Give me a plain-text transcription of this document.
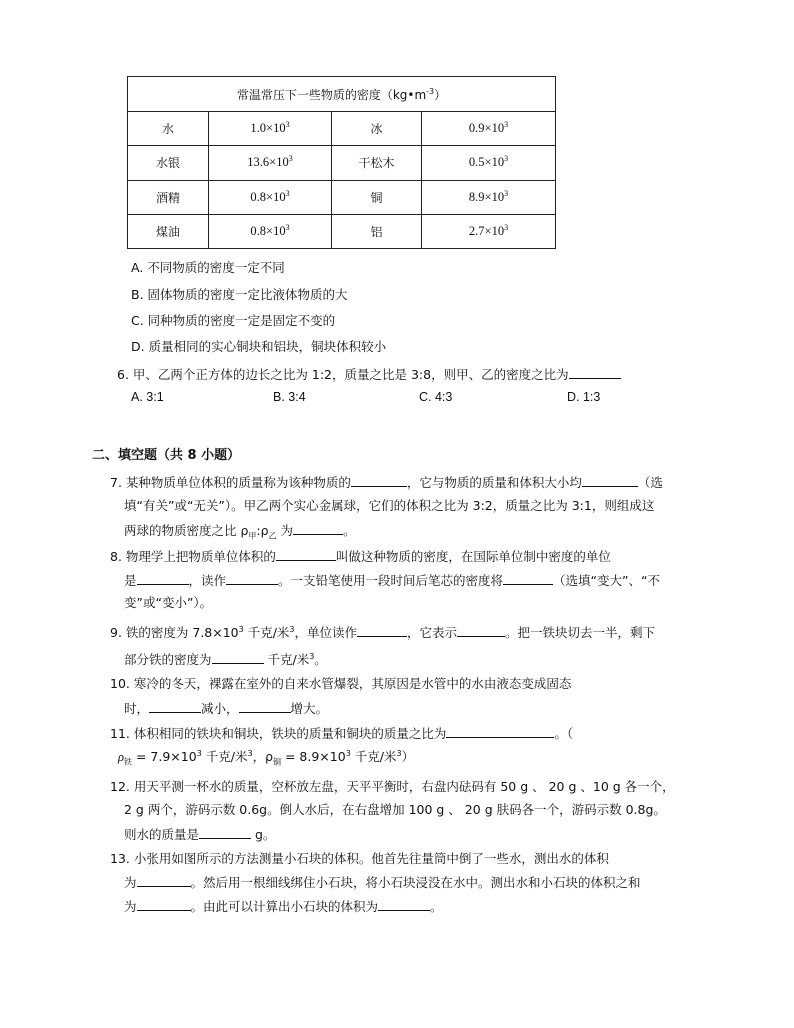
常温常压下一些物质的密度$(kg•m^{-3})$			
水	$1.0\times 10^3$	冰	$0.9\times 10^3$
水银	$13.6\times 10^3$	干松木	$0.5\times 10^3$
酒精	$0.8\times 10^3$	铜	$8.9\times 10^3$
煤油	$0.8\times 10^3$	铝	$2.7\times 10^3$
A. 不同物质的密度一定不同
B. 固体物质的密度一定比液体物质的大
C. 同种物质的密度一定是固定不变的
D. 质量相同的实心铜块和铝块，铜块体积较小
6. 甲、乙两个正方体的边长之比为 1:2，质量之比是 3:8，则甲、乙的密度之比为
A. 3:1	B. 3:4	C. 4:3	D. 1:3
二、填空题（共 8 小题）
7. 某种物质单位体积的质量称为该种物质的	，它与物质的质量和体积大小均	（选
填“有关”或“无关”）。甲乙两个实心金属球，它们的体积之比为 3:2，质量之比为 3:1，则组成这
两球的物质密度之比 $\rho_甲:\rho_乙$ 为	。
8. 物理学上把物质单位体积的	叫做这种物质的密度，在国际单位制中密度的单位
是	，读作	。一支铅笔使用一段时间后笔芯的密度将	（选填“变大”、“不
变”或“变小”）。
9. 铁的密度为 $7.8\times 10^3$ 千克/米$^3$，单位读作	，它表示	。把一铁块切去一半，剩下
部分铁的密度为	千克/米$^3$。
10. 寒冷的冬天，裸露在室外的自来水管爆裂，其原因是水管中的水由液态变成固态
时，	减小，	增大。
11. 体积相同的铁块和铜块，铁块的质量和铜块的质量之比为	。（
$\rho_铁 = 7.9\times 10^3$ 千克/米$^3$，$\rho_铜 = 8.9\times 10^3$ 千克/米$^3$）
12. 用天平测一杯水的质量，空杯放左盘，天平平衡时，右盘内砝码有 50 g 、 20 g 、10 g 各一个，
2 g 两个，游码示数 0.6g。倒人水后，在右盘增加 100 g 、 20 g 肤码各一个，游码示数 0.8g。
则水的质量是	g。
13. 小张用如图所示的方法测量小石块的体积。他首先往量筒中倒了一些水，测出水的体积
为	。然后用一根细线绑住小石块，将小石块浸没在水中。测出水和小石块的体积之和
为	。由此可以计算出小石块的体积为	。
